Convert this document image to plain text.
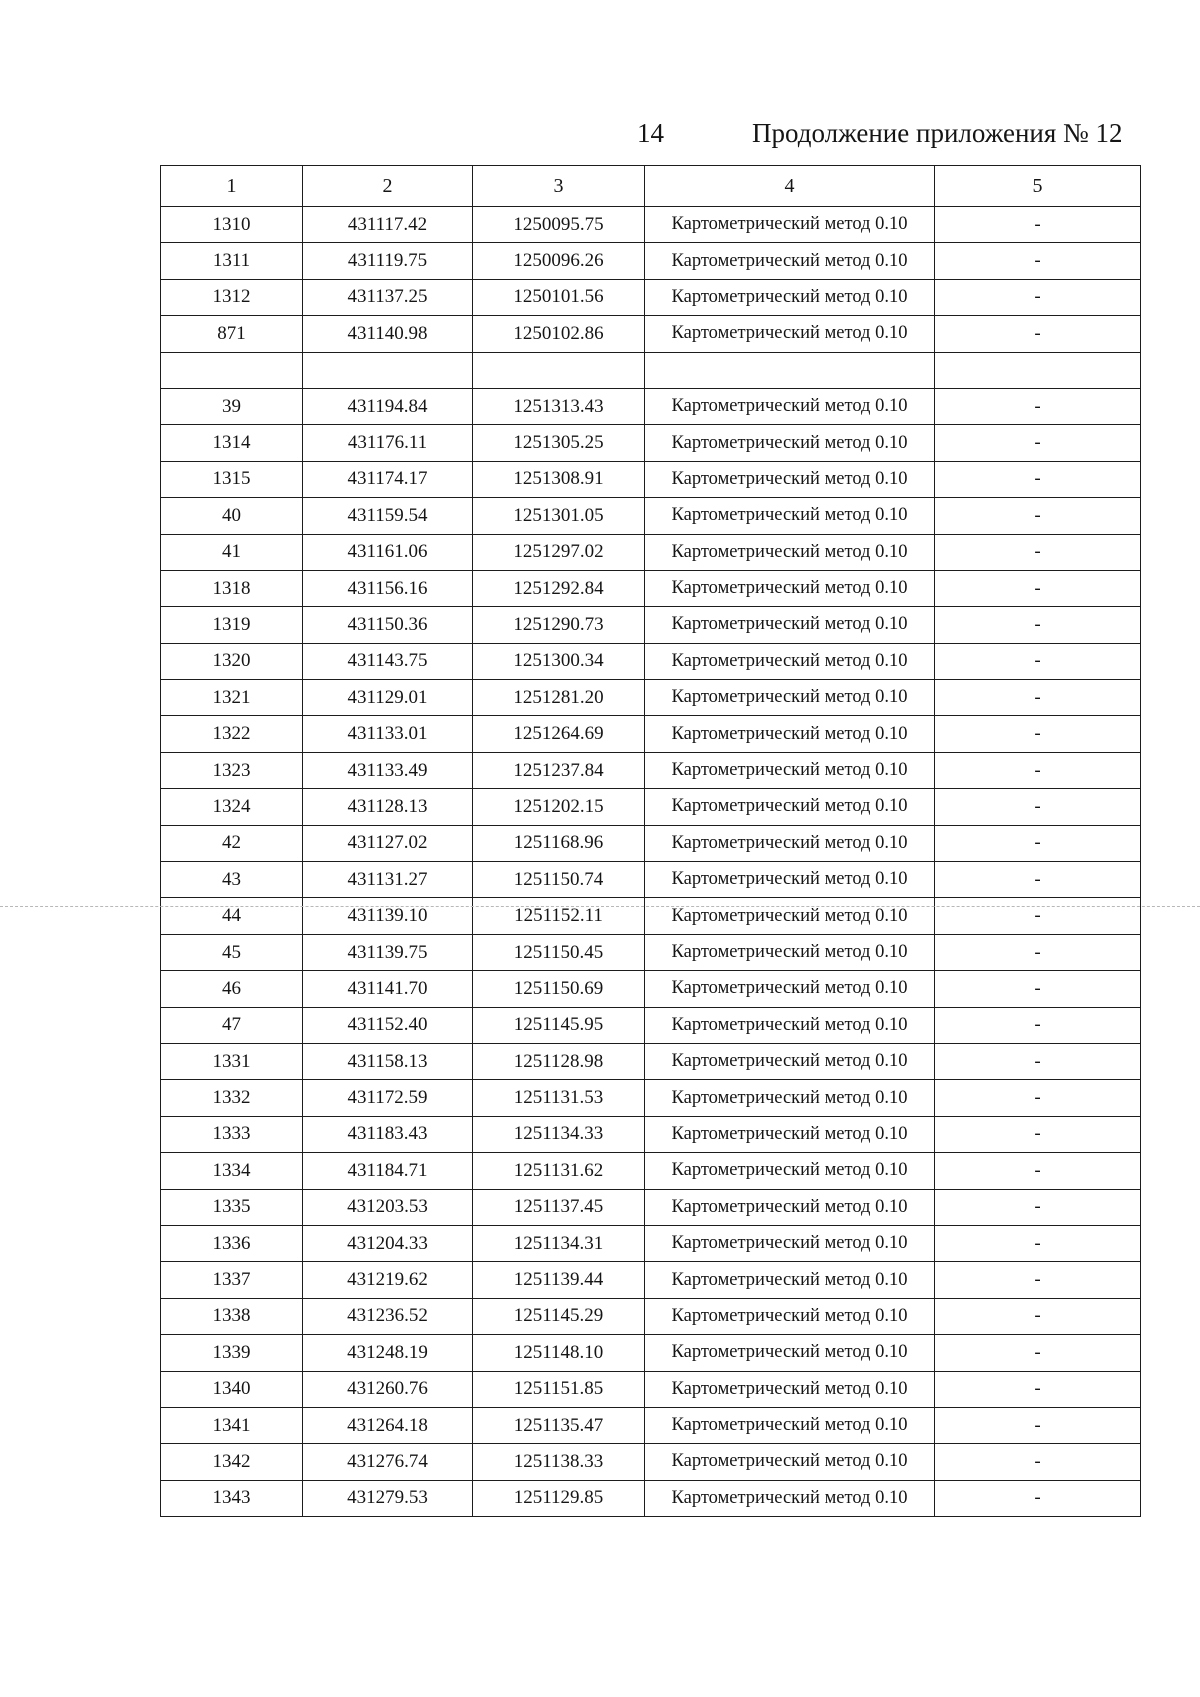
14	Продолжение приложения № 12
1	2	3	4	5
1310	431117.42	1250095.75	Картометрический метод 0.10	-
1311	431119.75	1250096.26	Картометрический метод 0.10	-
1312	431137.25	1250101.56	Картометрический метод 0.10	-
871	431140.98	1250102.86	Картометрический метод 0.10	-

39	431194.84	1251313.43	Картометрический метод 0.10	-
1314	431176.11	1251305.25	Картометрический метод 0.10	-
1315	431174.17	1251308.91	Картометрический метод 0.10	-
40	431159.54	1251301.05	Картометрический метод 0.10	-
41	431161.06	1251297.02	Картометрический метод 0.10	-
1318	431156.16	1251292.84	Картометрический метод 0.10	-
1319	431150.36	1251290.73	Картометрический метод 0.10	-
1320	431143.75	1251300.34	Картометрический метод 0.10	-
1321	431129.01	1251281.20	Картометрический метод 0.10	-
1322	431133.01	1251264.69	Картометрический метод 0.10	-
1323	431133.49	1251237.84	Картометрический метод 0.10	-
1324	431128.13	1251202.15	Картометрический метод 0.10	-
42	431127.02	1251168.96	Картометрический метод 0.10	-
43	431131.27	1251150.74	Картометрический метод 0.10	-
44	431139.10	1251152.11	Картометрический метод 0.10	-
45	431139.75	1251150.45	Картометрический метод 0.10	-
46	431141.70	1251150.69	Картометрический метод 0.10	-
47	431152.40	1251145.95	Картометрический метод 0.10	-
1331	431158.13	1251128.98	Картометрический метод 0.10	-
1332	431172.59	1251131.53	Картометрический метод 0.10	-
1333	431183.43	1251134.33	Картометрический метод 0.10	-
1334	431184.71	1251131.62	Картометрический метод 0.10	-
1335	431203.53	1251137.45	Картометрический метод 0.10	-
1336	431204.33	1251134.31	Картометрический метод 0.10	-
1337	431219.62	1251139.44	Картометрический метод 0.10	-
1338	431236.52	1251145.29	Картометрический метод 0.10	-
1339	431248.19	1251148.10	Картометрический метод 0.10	-
1340	431260.76	1251151.85	Картометрический метод 0.10	-
1341	431264.18	1251135.47	Картометрический метод 0.10	-
1342	431276.74	1251138.33	Картометрический метод 0.10	-
1343	431279.53	1251129.85	Картометрический метод 0.10	-
